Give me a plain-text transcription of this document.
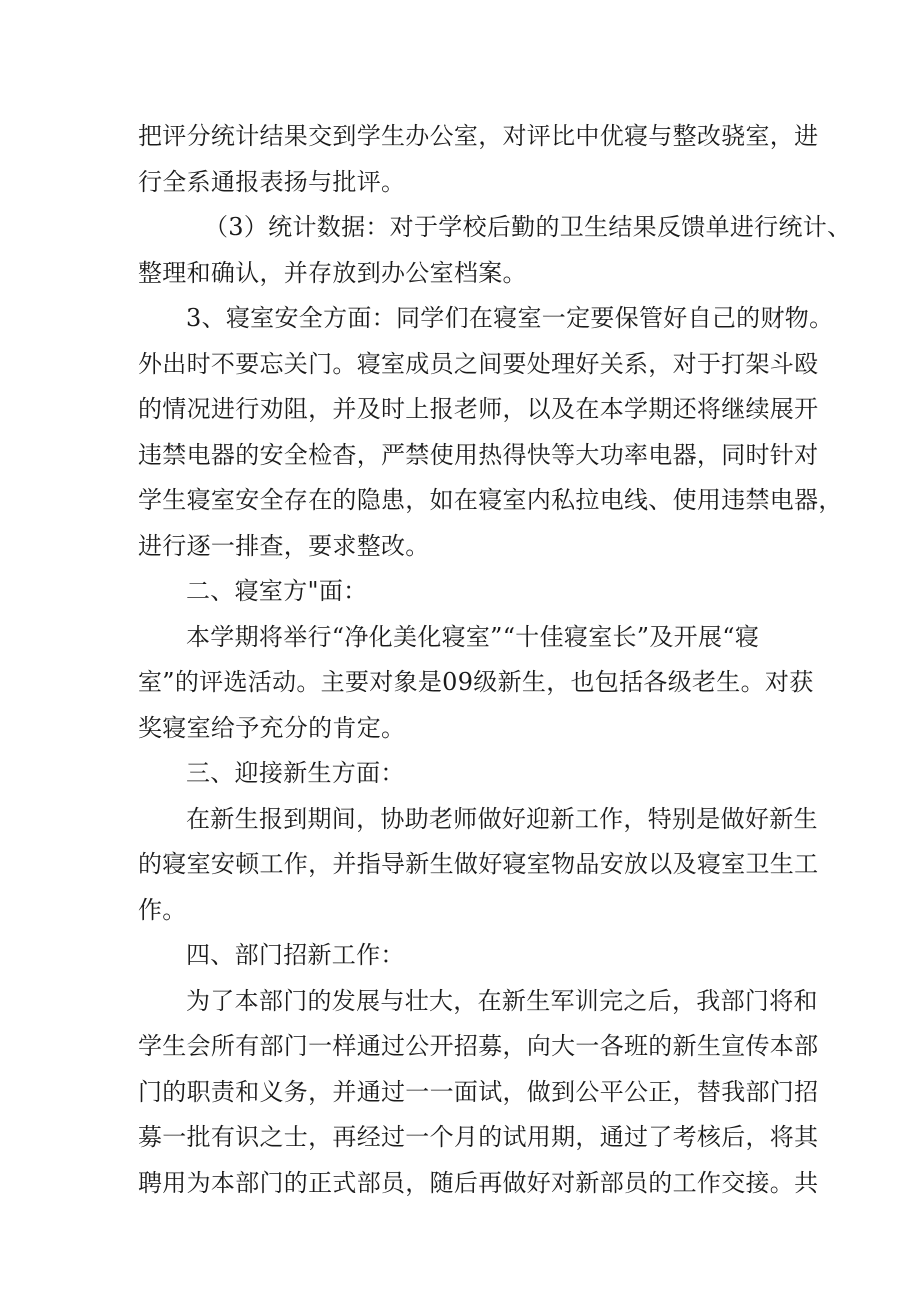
把评分统计结果交到学生办公室，对评比中优寝与整改骁室，进
行全系通报表扬与批评。
（3）统计数据：对于学校后勤的卫生结果反馈单进行统计、
整理和确认，并存放到办公室档案。
3、寝室安全方面：同学们在寝室一定要保管好自己的财物。
外出时不要忘关门。寝室成员之间要处理好关系，对于打架斗殴
的情况进行劝阻，并及时上报老师，以及在本学期还将继续展开
违禁电器的安全检杳，严禁使用热得快等大功率电器，同时针对
学生寝室安全存在的隐患，如在寝室内私拉电线、使用违禁电器，
进行逐一排查，要求整改。
二、寝室方"面：
本学期将举行“净化美化寝室”“十佳寝室长”及开展“寝
室”的评选活动。主要对象是09级新生，也包括各级老生。对获
奖寝室给予充分的肯定。
三、迎接新生方面：
在新生报到期间，协助老师做好迎新工作，特别是做好新生
的寝室安顿工作，并指导新生做好寝室物品安放以及寝室卫生工
作。
四、部门招新工作：
为了本部门的发展与壮大，在新生军训完之后，我部门将和
学生会所有部门一样通过公开招募，向大一各班的新生宣传本部
门的职责和义务，并通过一一面试，做到公平公正，替我部门招
募一批有识之士，再经过一个月的试用期，通过了考核后，将其
聘用为本部门的正式部员，随后再做好对新部员的工作交接。共
